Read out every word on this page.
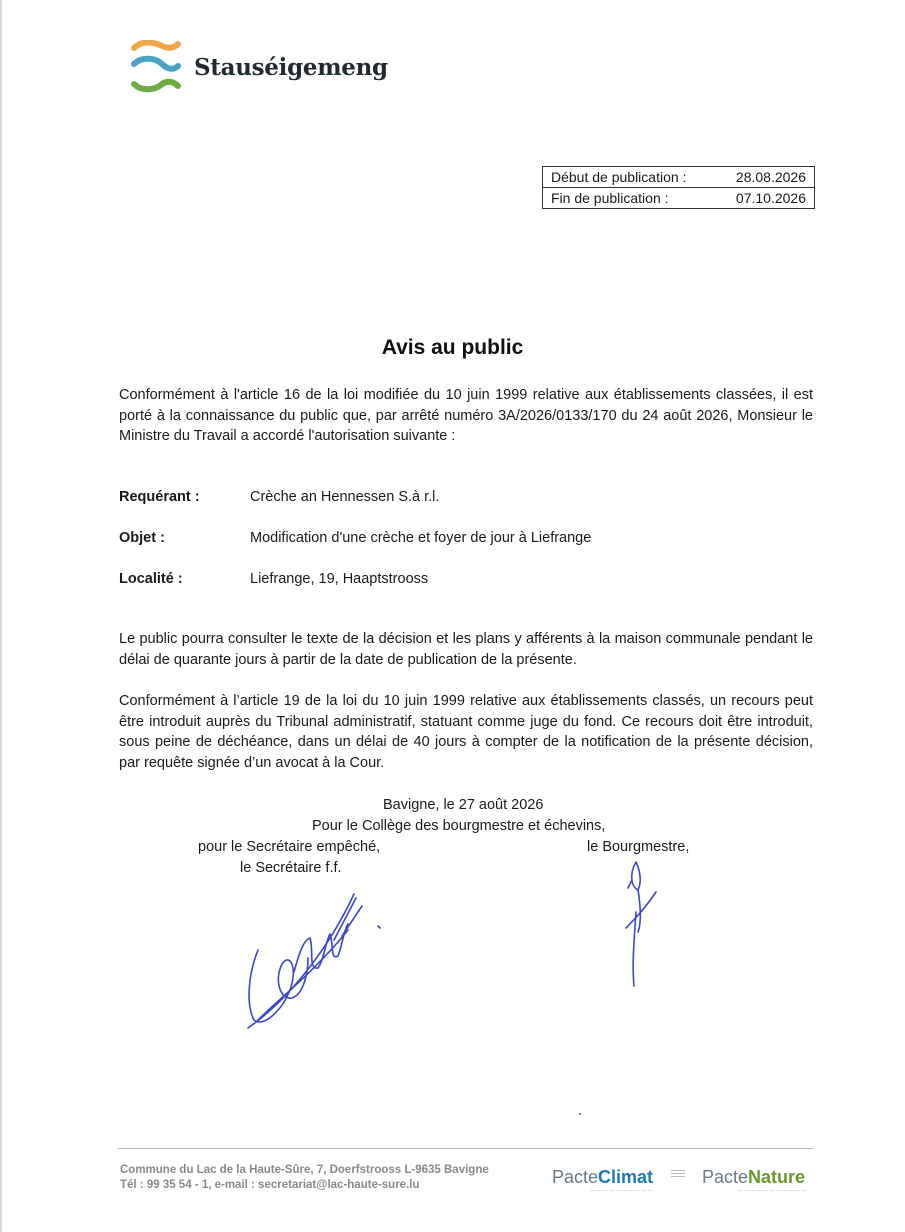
Stauséigemeng
Début de publication :	28.08.2026
Fin de publication :	07.10.2026
Avis au public
Conformément à l'article 16 de la loi modifiée du 10 juin 1999 relative aux établissements classées, il est porté à la connaissance du public que, par arrêté numéro 3A/2026/0133/170 du 24 août 2026, Monsieur le Ministre du Travail a accordé l'autorisation suivante :
Requérant :	Crèche an Hennessen S.à r.l.
Objet :	Modification d'une crèche et foyer de jour à Liefrange
Localité :	Liefrange, 19, Haaptstrooss
Le public pourra consulter le texte de la décision et les plans y afférents à la maison communale pendant le délai de quarante jours à partir de la date de publication de la présente.
Conformément à l’article 19 de la loi du 10 juin 1999 relative aux établissements classés, un recours peut être introduit auprès du Tribunal administratif, statuant comme juge du fond. Ce recours doit être introduit, sous peine de déchéance, dans un délai de 40 jours à compter de la notification de la présente décision, par requête signée d’un avocat à la Cour.
Bavigne, le 27 août 2026
Pour le Collège des bourgmestre et échevins,
pour le Secrétaire empêché,	le Bourgmestre,
le Secrétaire f.f.
Commune du Lac de la Haute-Sûre, 7, Doerfstrooss L-9635 Bavigne
Tél : 99 35 54 - 1, e-mail : secretariat@lac-haute-sure.lu	PacteClimat
— — — — — — — — — —
PacteNature
— — — — — — — — — — —
